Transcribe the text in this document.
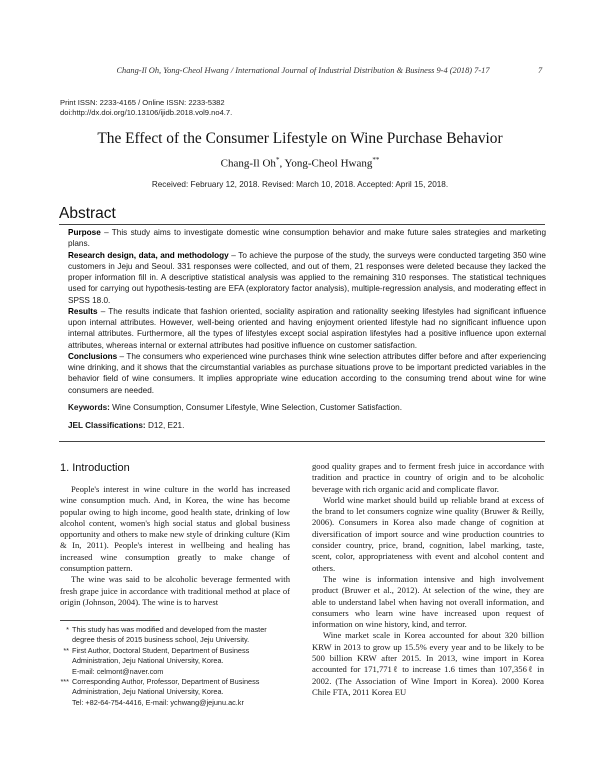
Chang-Il Oh, Yong-Cheol Hwang / International Journal of Industrial Distribution & Business 9-4 (2018) 7-17	7
Print ISSN: 2233-4165 / Online ISSN: 2233-5382
doi:http://dx.doi.org/10.13106/ijidb.2018.vol9.no4.7.
The Effect of the Consumer Lifestyle on Wine Purchase Behavior
Chang-Il Oh*, Yong-Cheol Hwang**
Received: February 12, 2018. Revised: March 10, 2018. Accepted: April 15, 2018.
Abstract

Purpose – This study aims to investigate domestic wine consumption behavior and make future sales strategies and marketing plans.

Research design, data, and methodology – To achieve the purpose of the study, the surveys were conducted targeting 350 wine customers in Jeju and Seoul. 331 responses were collected, and out of them, 21 responses were deleted because they lacked the proper information fill in. A descriptive statistical analysis was applied to the remaining 310 responses. The statistical techniques used for carrying out hypothesis-testing are EFA (exploratory factor analysis), multiple-regression analysis, and moderating effect in SPSS 18.0.

Results – The results indicate that fashion oriented, sociality aspiration and rationality seeking lifestyles had significant influence upon internal attributes. However, well-being oriented and having enjoyment oriented lifestyle had no significant influence upon internal attributes. Furthermore, all the types of lifestyles except social aspiration lifestyles had a positive influence upon external attributes, whereas internal or external attributes had positive influence on customer satisfaction.

Conclusions – The consumers who experienced wine purchases think wine selection attributes differ before and after experiencing wine drinking, and it shows that the circumstantial variables as purchase situations prove to be important predicted variables in the behavior field of wine consumers. It implies appropriate wine education according to the consuming trend about wine for wine consumers are needed.

Keywords: Wine Consumption, Consumer Lifestyle, Wine Selection, Customer Satisfaction.
JEL Classifications: D12, E21.
1. Introduction

People's interest in wine culture in the world has increased wine consumption much. And, in Korea, the wine has become popular owing to high income, good health state, drinking of low alcohol content, women's high social status and global business opportunity and others to make new style of drinking culture (Kim & In, 2011). People's interest in wellbeing and healing has increased wine consumption greatly to make change of consumption pattern.

The wine was said to be alcoholic beverage fermented with fresh grape juice in accordance with traditional method at place of origin (Johnson, 2004). The wine is to harvest

good quality grapes and to ferment fresh juice in accordance with tradition and practice in country of origin and to be alcoholic beverage with rich organic acid and complicate flavor.

World wine market should build up reliable brand at excess of the brand to let consumers cognize wine quality (Bruwer & Reilly, 2006). Consumers in Korea also made change of cognition at diversification of import source and wine production countries to consider country, price, brand, cognition, label marking, taste, scent, color, appropriateness with event and alcohol content and others.

The wine is information intensive and high involvement product (Bruwer et al., 2012). At selection of the wine, they are able to understand label when having not overall information, and consumers who learn wine have increased upon request of information on wine history, kind, and terror.

Wine market scale in Korea accounted for about 320 billion KRW in 2013 to grow up 15.5% every year and to be likely to be 500 billion KRW after 2015. In 2013, wine import in Korea accounted for 171,771ℓ to increase 1.6 times than 107,356ℓ in 2002. (The Association of Wine Import in Korea). 2000 Korea Chile FTA, 2011 Korea EU

* This study has was modified and developed from the master
degree thesis of 2015 business school, Jeju University.
** First Author, Doctoral Student, Department of Business
Administration, Jeju National University, Korea.
E-mail: celmont@naver.com
*** Corresponding Author, Professor, Department of Business
Administration, Jeju National University, Korea.
Tel: +82-64-754-4416, E-mail: ychwang@jejunu.ac.kr
